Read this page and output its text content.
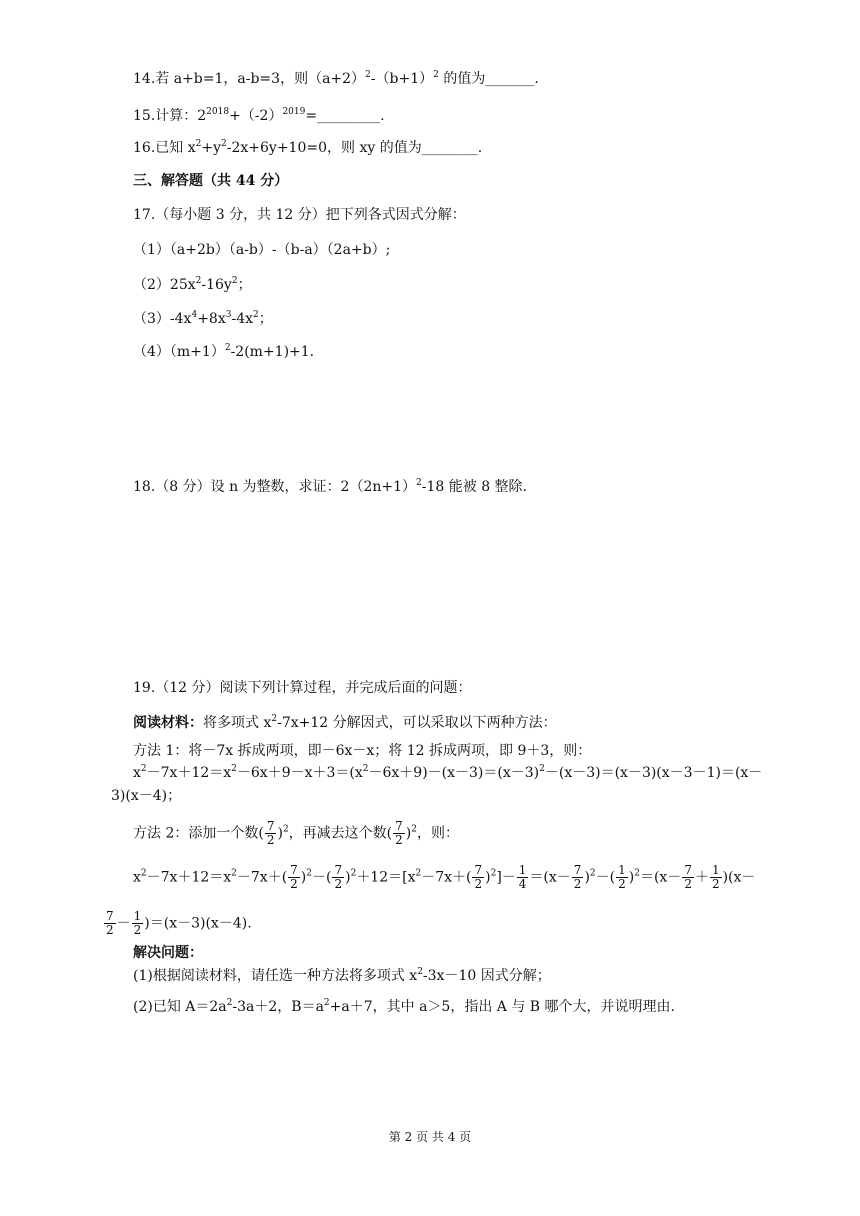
14.若 a+b=1，a-b=3，则$(a+2)^2-(b+1)^2$ 的值为_______.
15.计算：$2^{2018}+(-2)^{2019}=\_\_\_\_\_\_\_\_\_$.
16.已知 $x^2+y^2-2x+6y+10=0$，则 xy 的值为________.
三、解答题（共 44 分）
17.（每小题 3 分，共 12 分）把下列各式因式分解：
（1）（a+2b）（a-b）-（b-a）（2a+b）;
$(2)25x^2-16y^2$；
$(3)-4x^4+8x^3-4x^2$；
$(4)(m+1)^2-2(m+1)+1$.
18.（8 分）设 n 为整数，求证：$2(2n+1)^2-18$ 能被 8 整除.
19.（12 分）阅读下列计算过程，并完成后面的问题：
阅读材料：将多项式 $x^2-7x+12$ 分解因式，可以采取以下两种方法：
方法 1：将－7x 拆成两项，即－6x－x；将 12 拆成两项，即 9＋3，则：
$x^2-7x+12=x^2-6x+9-x+3=(x^2-6x+9)-(x-3)=(x-3)^2-(x-3)=(x-3)(x-3-1)=(x-$
3)(x－4)；
方法 2：添加一个数( $\frac{7}{2} )^2$，再减去这个数( $\frac{7}{2} )^2$，则：
$x^2-7x+12=x^2-7x+( \frac{7}{2} )^2-( \frac{7}{2} )^2+12=[x^2-7x+( \frac{7}{2} )^2]- \frac{1}{4} =(x- \frac{7}{2} )^2-( \frac{1}{2} )^2=(x- \frac{7}{2} + \frac{1}{2} )(x-$
$\frac{7}{2} - \frac{1}{2} )=(x-3)(x-4)$.
解决问题：
(1)根据阅读材料，请任选一种方法将多项式 $x^2-3x-10$ 因式分解；
(2)已知 $A=2a^2-3a+2$，$B=a^2+a+7$，其中 a＞5，指出 A 与 B 哪个大，并说明理由.
第 2 页 共 4 页
